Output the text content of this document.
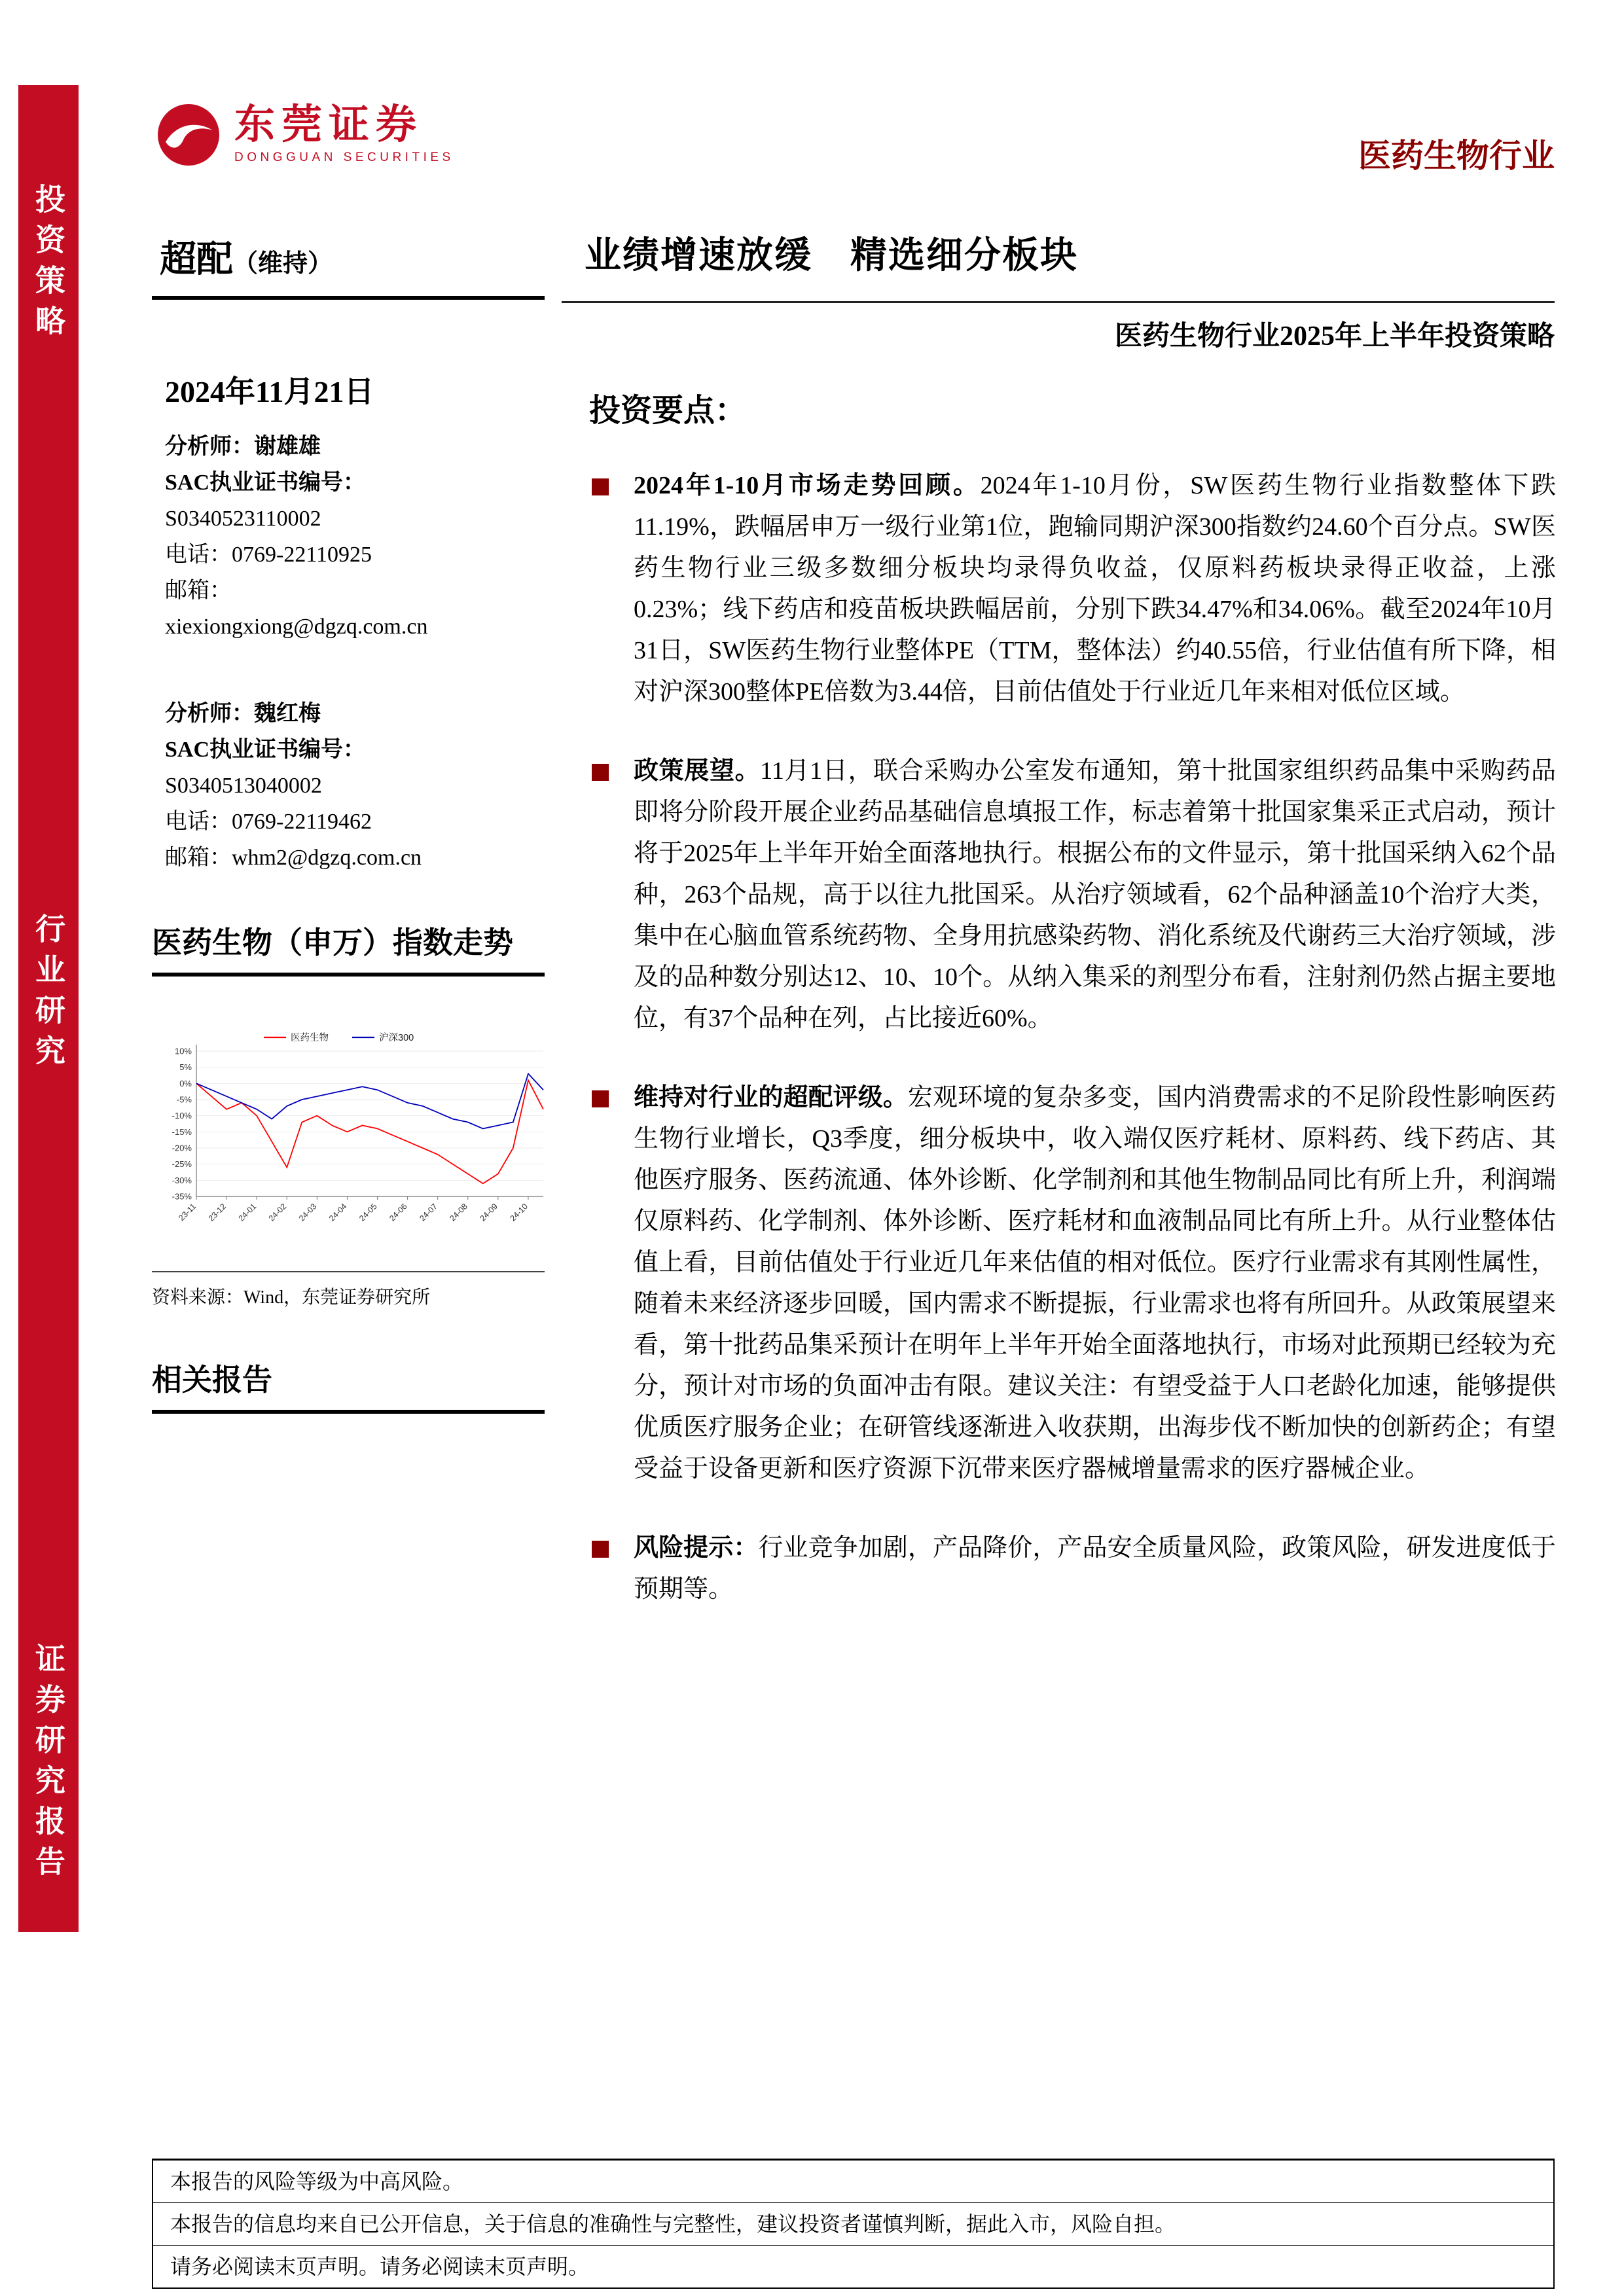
投资策略
行业研究
证券研究报告
东莞证券
DONGGUAN SECURITIES	医药生物行业
超配（维持）	业绩增速放缓　精选细分板块
医药生物行业2025年上半年投资策略
2024年11月21日
分析师：谢雄雄
SAC执业证书编号：
S0340523110002
电话：0769-22110925
邮箱：
xiexiongxiong@dgzq.com.cn
分析师：魏红梅
SAC执业证书编号：
S0340513040002
电话：0769-22119462
邮箱：whm2@dgzq.com.cn
医药生物（申万）指数走势
10%
5%
0%
-5%
-10%
-15%
-20%
-25%
-30%
-35%
23-11 23-12 24-01 24-02 24-03 24-04 24-05 24-06 24-07 24-08 24-09 24-10
医药生物	沪深300
资料来源：Wind，东莞证券研究所
相关报告
投资要点：

2024年1-10月市场走势回顾。2024年1-10月份，SW医药生物行业指数整体下跌11.19%，跌幅居申万一级行业第1位，跑输同期沪深300指数约24.60个百分点。SW医药生物行业三级多数细分板块均录得负收益，仅原料药板块录得正收益，上涨0.23%；线下药店和疫苗板块跌幅居前，分别下跌34.47%和34.06%。截至2024年10月31日，SW医药生物行业整体PE（TTM，整体法）约40.55倍，行业估值有所下降，相对沪深300整体PE倍数为3.44倍，目前估值处于行业近几年来相对低位区域。

政策展望。11月1日，联合采购办公室发布通知，第十批国家组织药品集中采购药品即将分阶段开展企业药品基础信息填报工作，标志着第十批国家集采正式启动，预计将于2025年上半年开始全面落地执行。根据公布的文件显示，第十批国采纳入62个品种，263个品规，高于以往九批国采。从治疗领域看，62个品种涵盖10个治疗大类，集中在心脑血管系统药物、全身用抗感染药物、消化系统及代谢药三大治疗领域，涉及的品种数分别达12、10、10个。从纳入集采的剂型分布看，注射剂仍然占据主要地位，有37个品种在列，占比接近60%。

维持对行业的超配评级。宏观环境的复杂多变，国内消费需求的不足阶段性影响医药生物行业增长，Q3季度，细分板块中，收入端仅医疗耗材、原料药、线下药店、其他医疗服务、医药流通、体外诊断、化学制剂和其他生物制品同比有所上升，利润端仅原料药、化学制剂、体外诊断、医疗耗材和血液制品同比有所上升。从行业整体估值上看，目前估值处于行业近几年来估值的相对低位。医疗行业需求有其刚性属性，随着未来经济逐步回暖，国内需求不断提振，行业需求也将有所回升。从政策展望来看，第十批药品集采预计在明年上半年开始全面落地执行，市场对此预期已经较为充分，预计对市场的负面冲击有限。建议关注：有望受益于人口老龄化加速，能够提供优质医疗服务企业；在研管线逐渐进入收获期，出海步伐不断加快的创新药企；有望受益于设备更新和医疗资源下沉带来医疗器械增量需求的医疗器械企业。

风险提示：行业竞争加剧，产品降价，产品安全质量风险，政策风险，研发进度低于预期等。

本报告的风险等级为中高风险。
本报告的信息均来自已公开信息，关于信息的准确性与完整性，建议投资者谨慎判断，据此入市，风险自担。
请务必阅读末页声明。请务必阅读末页声明。
